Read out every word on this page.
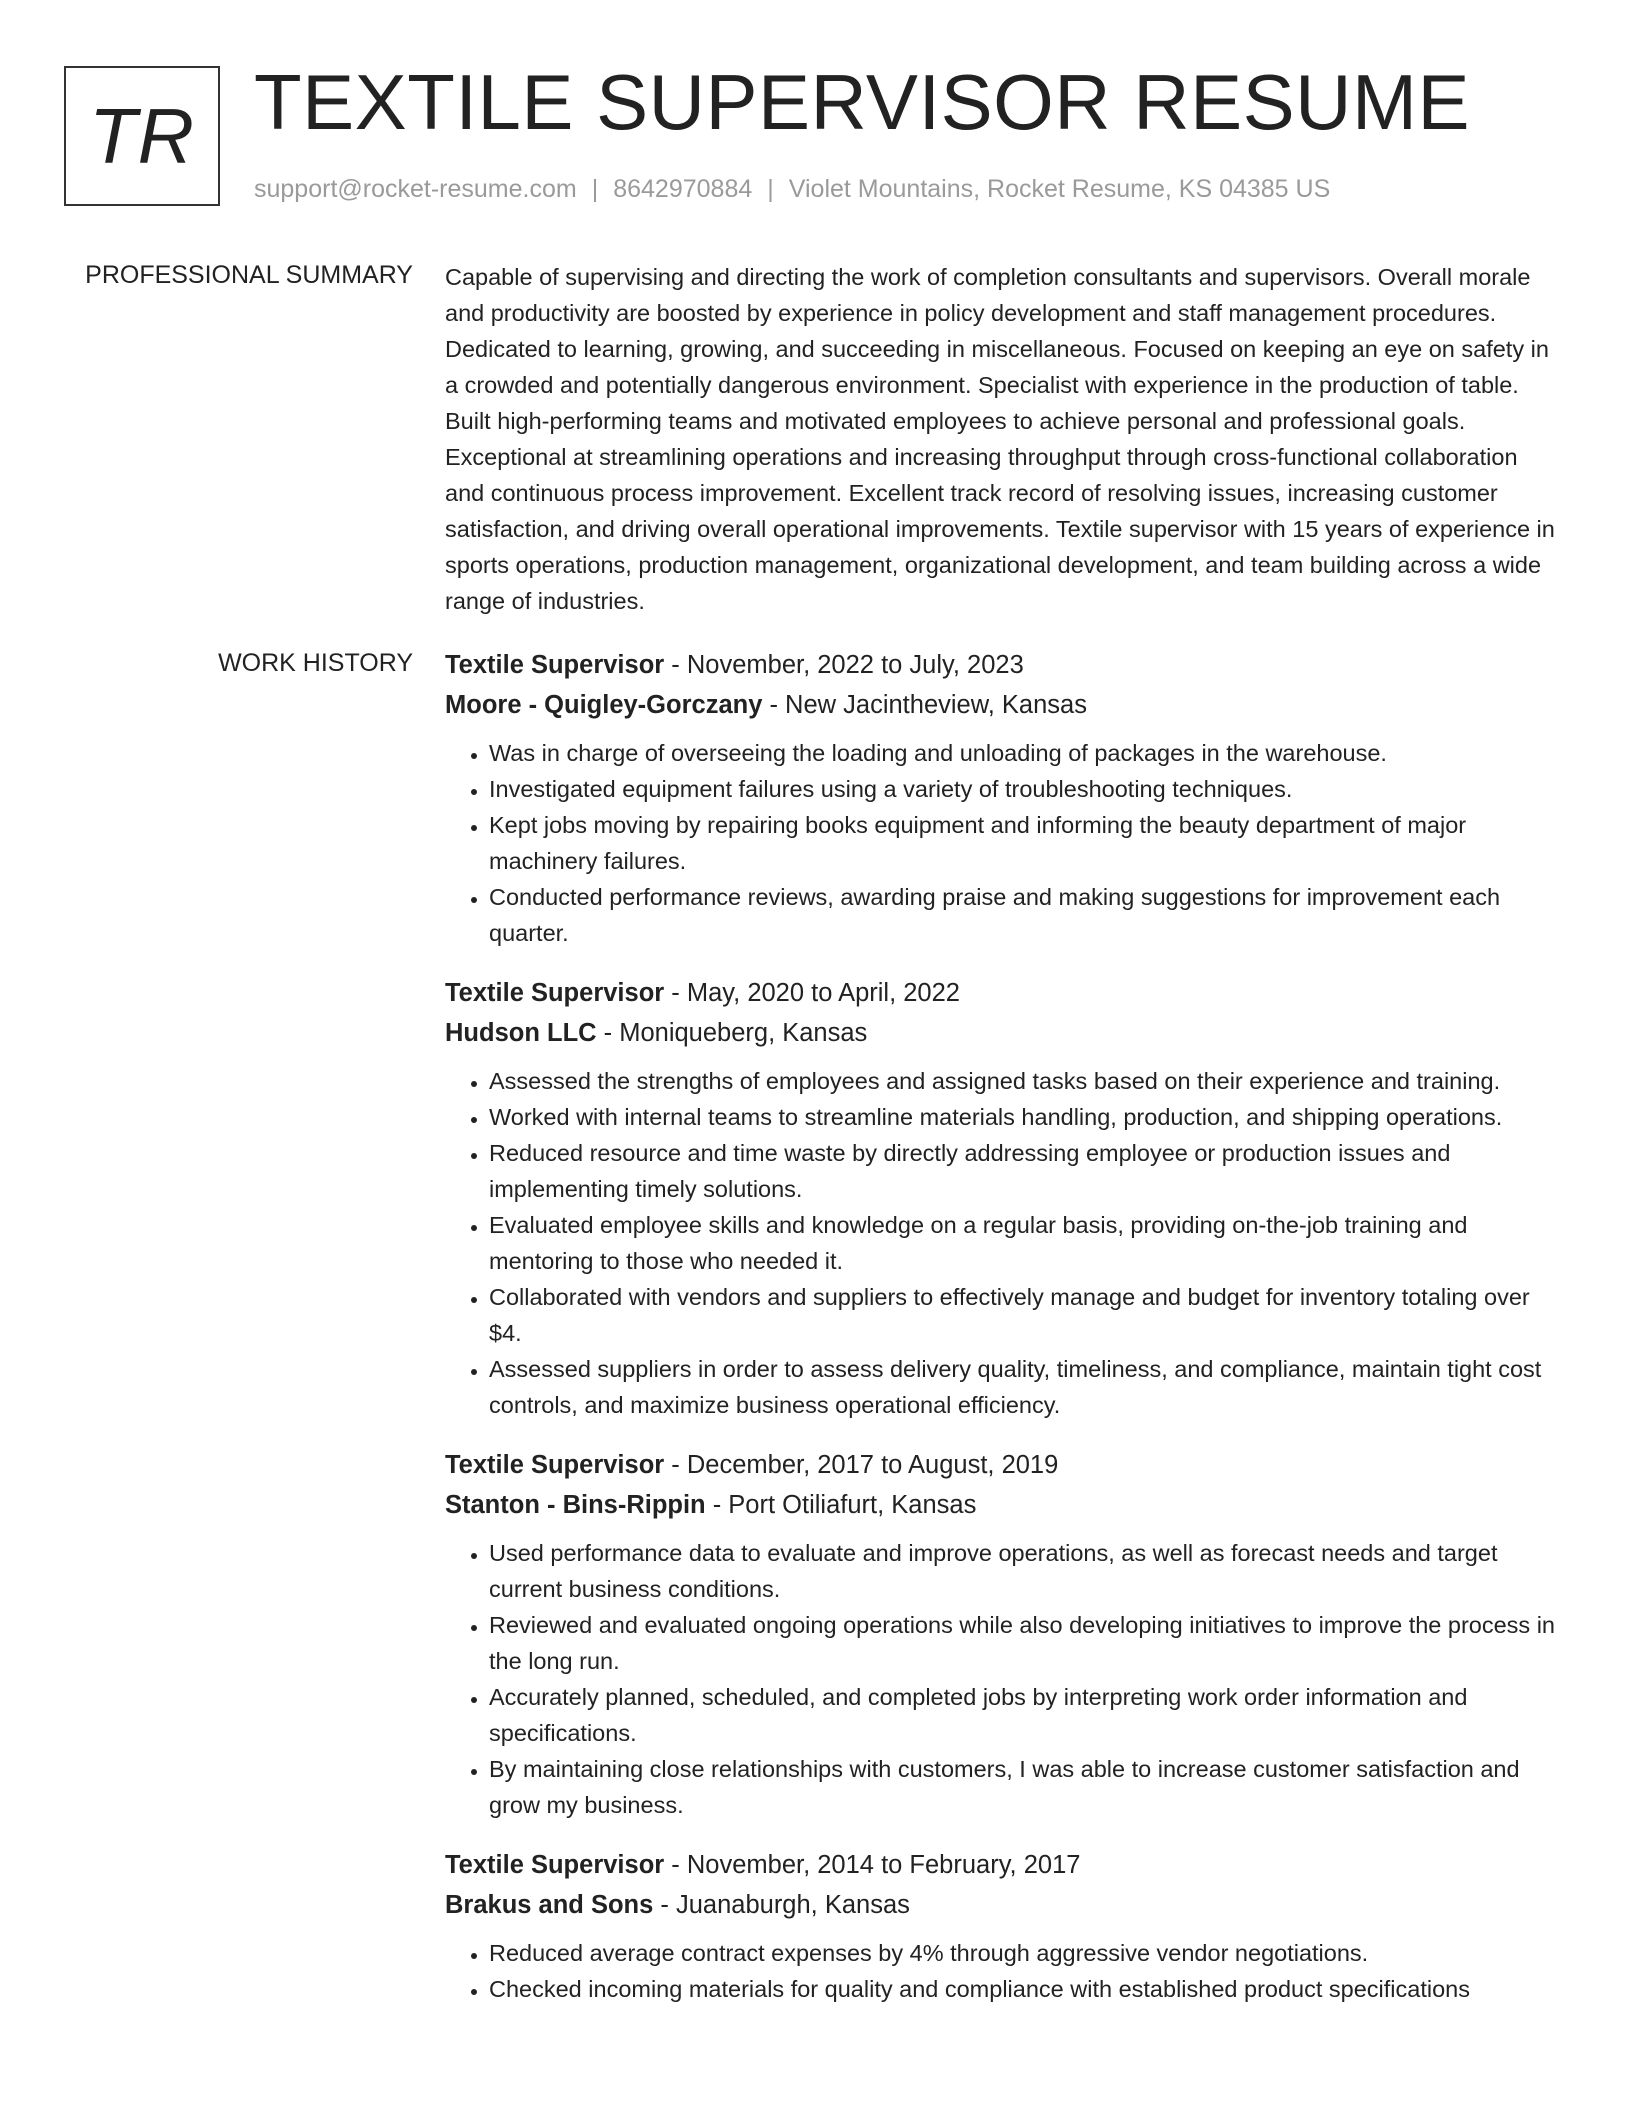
TR TEXTILE SUPERVISOR RESUME
support@rocket-resume.com | 8642970884 | Violet Mountains, Rocket Resume, KS 04385 US
PROFESSIONAL SUMMARY Capable of supervising and directing the work of completion consultants and supervisors. Overall morale and productivity are boosted by experience in policy development and staff management procedures. Dedicated to learning, growing, and succeeding in miscellaneous. Focused on keeping an eye on safety in a crowded and potentially dangerous environment. Specialist with experience in the production of table. Built high-performing teams and motivated employees to achieve personal and professional goals. Exceptional at streamlining operations and increasing throughput through cross-functional collaboration and continuous process improvement. Excellent track record of resolving issues, increasing customer satisfaction, and driving overall operational improvements. Textile supervisor with 15 years of experience in sports operations, production management, organizational development, and team building across a wide range of industries.

WORK HISTORY Textile Supervisor - November, 2022 to July, 2023
Moore - Quigley-Gorczany - New Jacintheview, Kansas
• Was in charge of overseeing the loading and unloading of packages in the warehouse.
• Investigated equipment failures using a variety of troubleshooting techniques.
• Kept jobs moving by repairing books equipment and informing the beauty department of major machinery failures.
• Conducted performance reviews, awarding praise and making suggestions for improvement each quarter.
Textile Supervisor - May, 2020 to April, 2022
Hudson LLC - Moniqueberg, Kansas
• Assessed the strengths of employees and assigned tasks based on their experience and training.
• Worked with internal teams to streamline materials handling, production, and shipping operations.
• Reduced resource and time waste by directly addressing employee or production issues and implementing timely solutions.
• Evaluated employee skills and knowledge on a regular basis, providing on-the-job training and mentoring to those who needed it.
• Collaborated with vendors and suppliers to effectively manage and budget for inventory totaling over $4.
• Assessed suppliers in order to assess delivery quality, timeliness, and compliance, maintain tight cost controls, and maximize business operational efficiency.
Textile Supervisor - December, 2017 to August, 2019
Stanton - Bins-Rippin - Port Otiliafurt, Kansas
• Used performance data to evaluate and improve operations, as well as forecast needs and target current business conditions.
• Reviewed and evaluated ongoing operations while also developing initiatives to improve the process in the long run.
• Accurately planned, scheduled, and completed jobs by interpreting work order information and specifications.
• By maintaining close relationships with customers, I was able to increase customer satisfaction and grow my business.
Textile Supervisor - November, 2014 to February, 2017
Brakus and Sons - Juanaburgh, Kansas
• Reduced average contract expenses by 4% through aggressive vendor negotiations.
• Checked incoming materials for quality and compliance with established product specifications
